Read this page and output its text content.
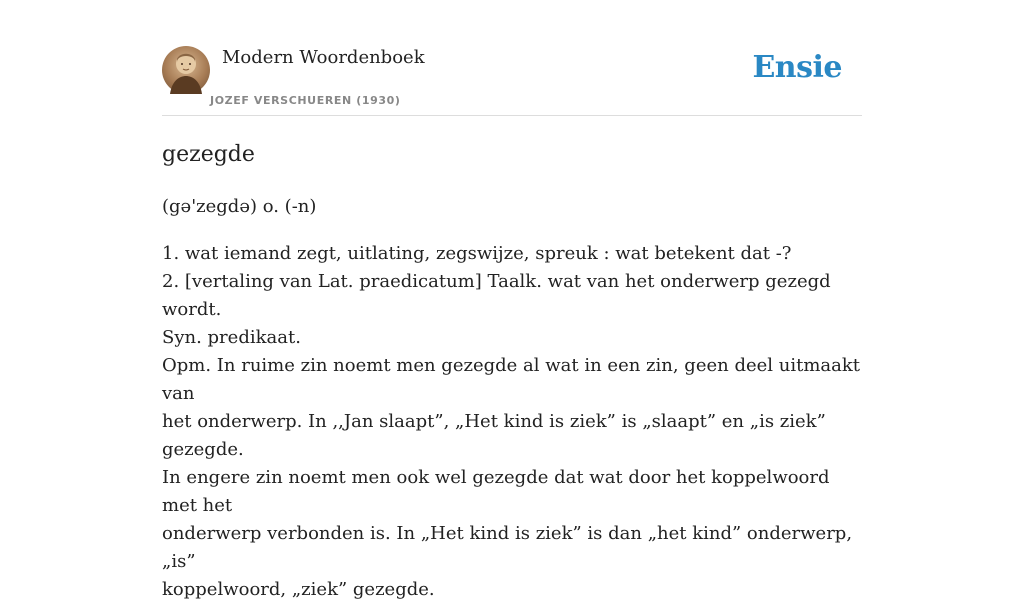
Modern Woordenboek
JOZEF VERSCHUEREN (1930)
Ensie
gezegde
(gə'zegdə) o. (-n)

1. wat iemand zegt, uitlating, zegswijze, spreuk : wat betekent dat -?

2. [vertaling van Lat. praedicatum] Taalk. wat van het onderwerp gezegd wordt.

Syn. predikaat.

Opm. In ruime zin noemt men gezegde al wat in een zin, geen deel uitmaakt van

het onderwerp. In ,,Jan slaapt”, „Het kind is ziek” is „slaapt” en „is ziek” gezegde.

In engere zin noemt men ook wel gezegde dat wat door het koppelwoord met het

onderwerp verbonden is. In „Het kind is ziek” is dan „het kind” onderwerp, „is”

koppelwoord, „ziek” gezegde.
